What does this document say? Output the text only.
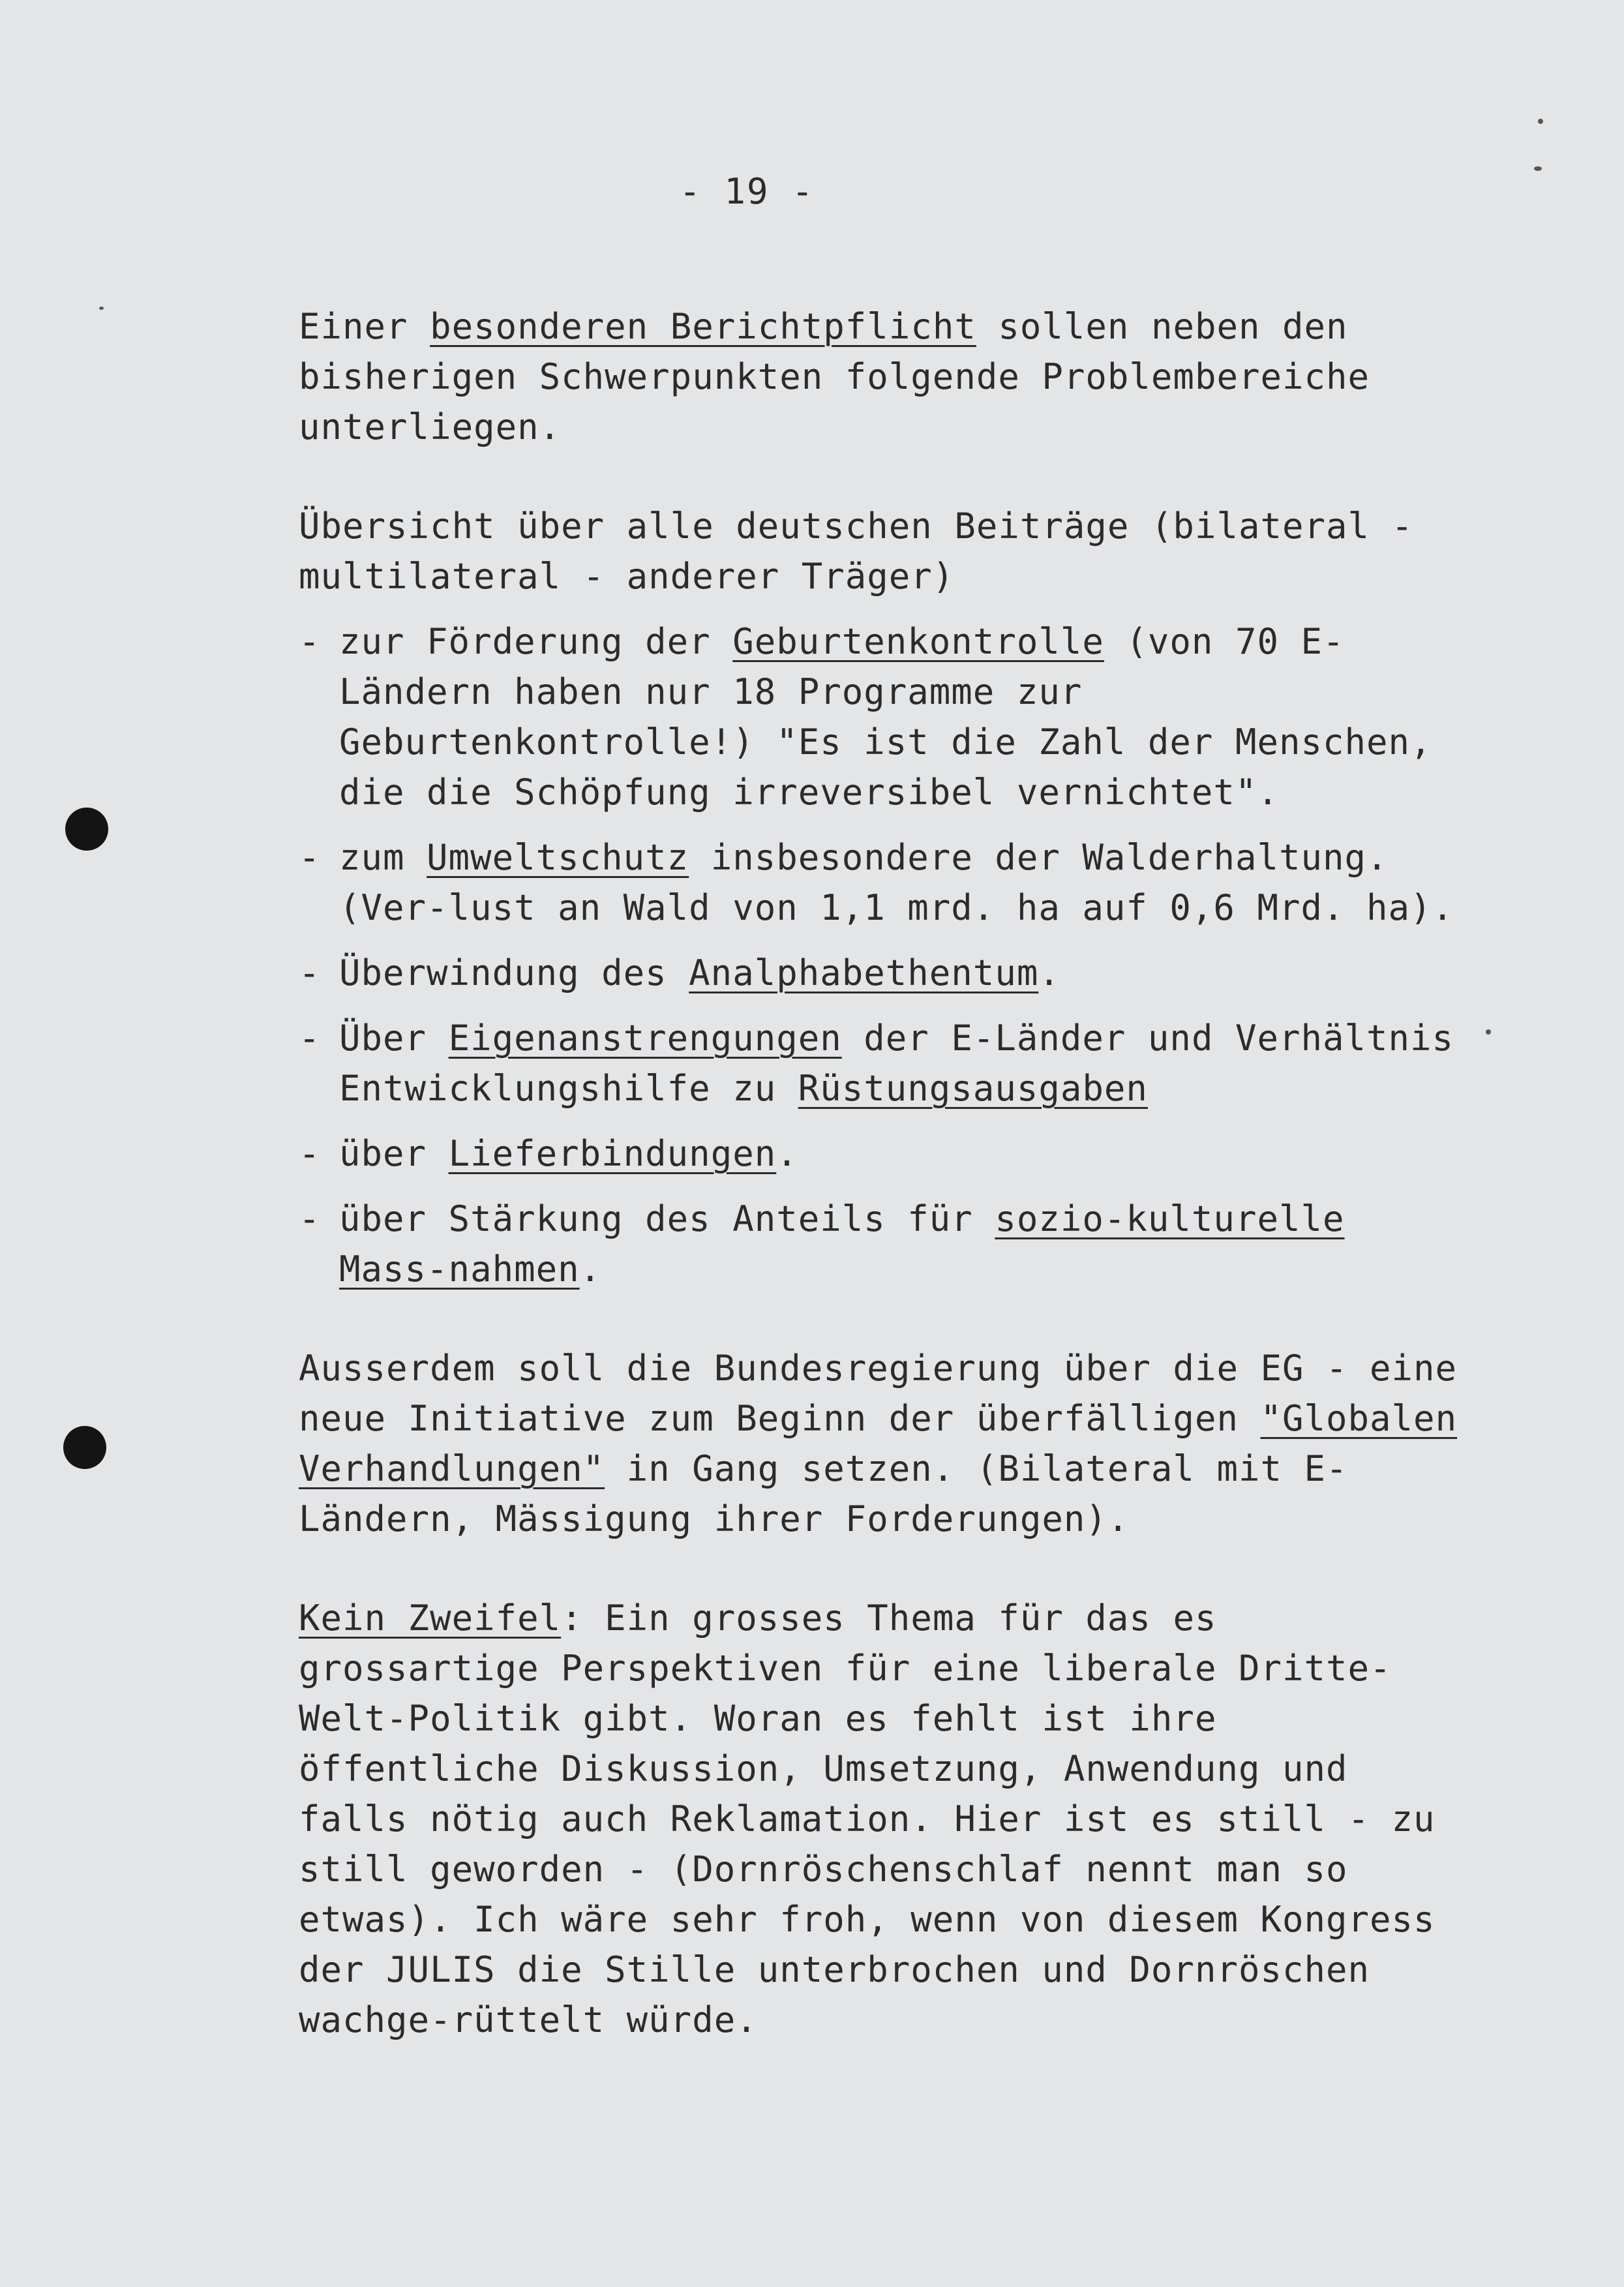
- 19 -

Einer besonderen Berichtpflicht sollen neben den bisherigen Schwerpunkten folgende Problembereiche unterliegen.

Übersicht über alle deutschen Beiträge (bilateral - multilateral - anderer Träger)

- zur Förderung der Geburtenkontrolle (von 70 E-Ländern haben nur 18 Programme zur Geburtenkontrolle!) "Es ist die Zahl der Menschen, die die Schöpfung irreversibel vernichtet".
- zum Umweltschutz insbesondere der Walderhaltung.(Ver-lust an Wald von 1,1 mrd. ha auf 0,6 Mrd. ha).
- Überwindung des Analphabethentum.
- Über Eigenanstrengungen der E-Länder und Verhältnis Entwicklungshilfe zu Rüstungsausgaben
- über Lieferbindungen.
- über Stärkung des Anteils für sozio-kulturelle Mass-nahmen.

Ausserdem soll die Bundesregierung über die EG - eine neue Initiative zum Beginn der überfälligen "Globalen Verhandlungen" in Gang setzen. (Bilateral mit E-Ländern, Mässigung ihrer Forderungen).

Kein Zweifel: Ein grosses Thema für das es grossartige Perspektiven für eine liberale Dritte-Welt-Politik gibt. Woran es fehlt ist ihre öffentliche Diskussion, Umsetzung, Anwendung und falls nötig auch Reklamation. Hier ist es still - zu still geworden - (Dornröschenschlaf nennt man so etwas). Ich wäre sehr froh, wenn von diesem Kongress der JULIS die Stille unterbrochen und Dornröschen wachge-rüttelt würde.
